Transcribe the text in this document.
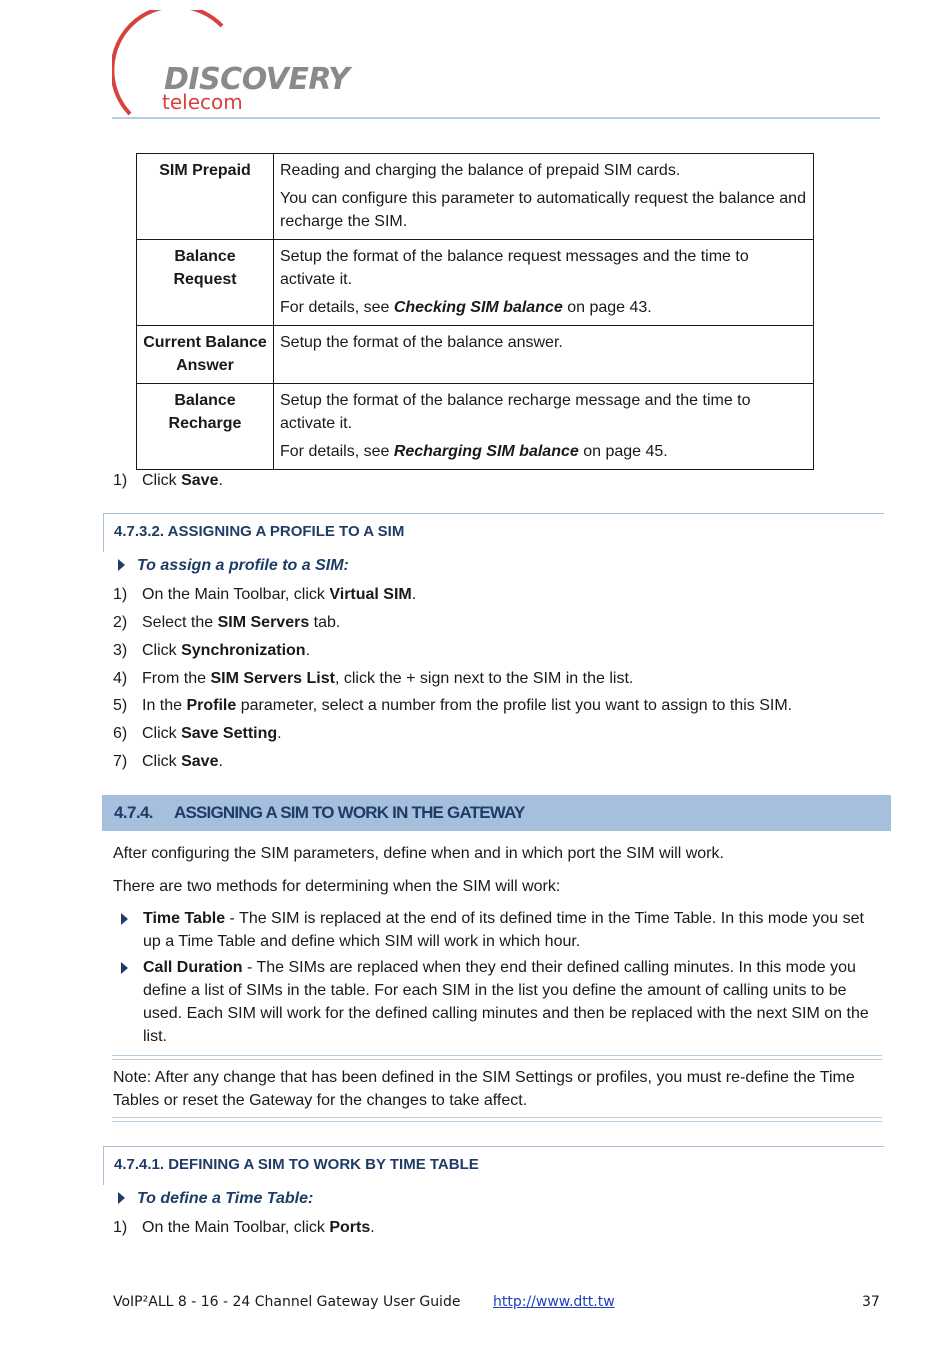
DISCOVERY
telecom
SIM Prepaid	Reading and charging the balance of prepaid SIM cards.

You can configure this parameter to automatically request the balance and recharge the SIM.

Balance Request	Setup the format of the balance request messages and the time to activate it.

For details, see Checking SIM balance on page 43.

Current Balance Answer	Setup the format of the balance answer.

Balance Recharge	Setup the format of the balance recharge message and the time to activate it.

For details, see Recharging SIM balance on page 45.

1) Click Save.
4.7.3.2. ASSIGNING A PROFILE TO A SIM
To assign a profile to a SIM:
1) On the Main Toolbar, click Virtual SIM.
2) Select the SIM Servers tab.
3) Click Synchronization.
4) From the SIM Servers List, click the + sign next to the SIM in the list.
5) In the Profile parameter, select a number from the profile list you want to assign to this SIM.
6) Click Save Setting.
7) Click Save.
4.7.4. ASSIGNING A SIM TO WORK IN THE GATEWAY
After configuring the SIM parameters, define when and in which port the SIM will work.
There are two methods for determining when the SIM will work:
Time Table - The SIM is replaced at the end of its defined time in the Time Table. In this mode you set up a Time Table and define which SIM will work in which hour.
Call Duration - The SIMs are replaced when they end their defined calling minutes. In this mode you define a list of SIMs in the table. For each SIM in the list you define the amount of calling units to be used. Each SIM will work for the defined calling minutes and then be replaced with the next SIM on the list.
Note: After any change that has been defined in the SIM Settings or profiles, you must re-define the Time Tables or reset the Gateway for the changes to take affect.
4.7.4.1. DEFINING A SIM TO WORK BY TIME TABLE
To define a Time Table:
1) On the Main Toolbar, click Ports.
VoIP²ALL 8 - 16 - 24 Channel Gateway User Guide http://www.dtt.tw	37
